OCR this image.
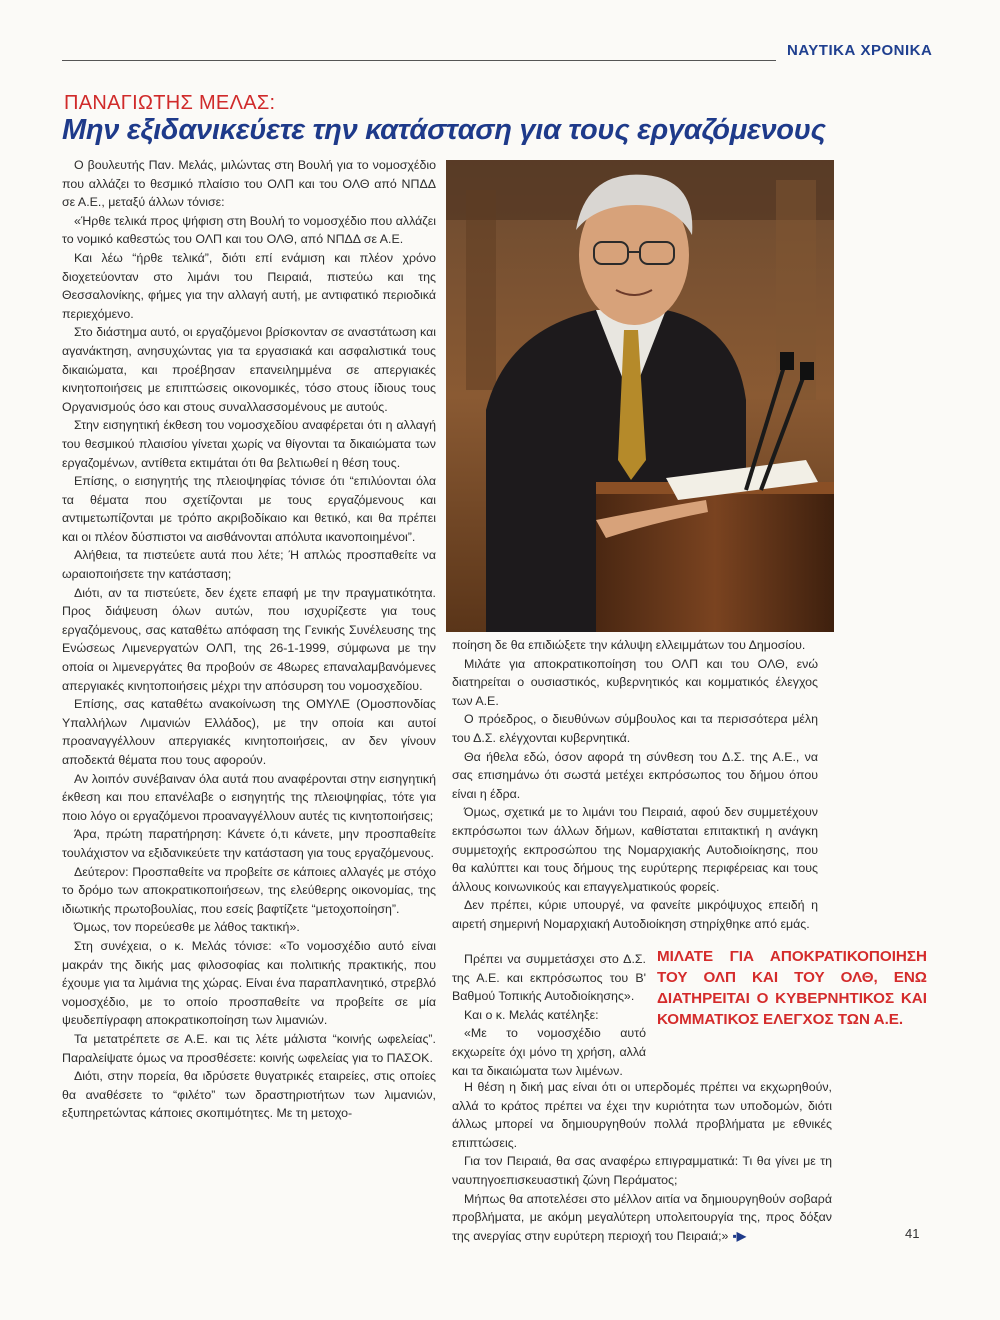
ΝΑΥΤΙΚΑ ΧΡΟΝΙΚΑ
ΠΑΝΑΓΙΩΤΗΣ ΜΕΛΑΣ:
Μην εξιδανικεύετε την κατάσταση για τους εργαζόμενους

Ο βουλευτής Παν. Μελάς, μιλώντας στη Βουλή για το νομοσχέδιο που αλλάζει το θεσμικό πλαίσιο του ΟΛΠ και του ΟΛΘ από ΝΠΔΔ σε Α.Ε., μεταξύ άλλων τόνισε:

«Ήρθε τελικά προς ψήφιση στη Βουλή το νομοσχέδιο που αλλάζει το νομικό καθεστώς του ΟΛΠ και του ΟΛΘ, από ΝΠΔΔ σε Α.Ε.

Και λέω “ήρθε τελικά”, διότι επί ενάμιση και πλέον χρόνο διοχετεύονταν στο λιμάνι του Πειραιά, πιστεύω και της Θεσσαλονίκης, φήμες για την αλλαγή αυτή, με αντιφατικό περιοδικά περιεχόμενο.

Στο διάστημα αυτό, οι εργαζόμενοι βρίσκονταν σε αναστάτωση και αγανάκτηση, ανησυχώντας για τα εργασιακά και ασφαλιστικά τους δικαιώματα, και προέβησαν επανειλημμένα σε απεργιακές κινητοποιήσεις με επιπτώσεις οικονομικές, τόσο στους ίδιους τους Οργανισμούς όσο και στους συναλλασσομένους με αυτούς.

Στην εισηγητική έκθεση του νομοσχεδίου αναφέρεται ότι η αλλαγή του θεσμικού πλαισίου γίνεται χωρίς να θίγονται τα δικαιώματα των εργαζομένων, αντίθετα εκτιμάται ότι θα βελτιωθεί η θέση τους.

Επίσης, ο εισηγητής της πλειοψηφίας τόνισε ότι “επιλύονται όλα τα θέματα που σχετίζονται με τους εργαζόμενους και αντιμετωπίζονται με τρόπο ακριβοδίκαιο και θετικό, και θα πρέπει και οι πλέον δύσπιστοι να αισθάνονται απόλυτα ικανοποιημένοι”.

Αλήθεια, τα πιστεύετε αυτά που λέτε; Ή απλώς προσπαθείτε να ωραιοποιήσετε την κατάσταση;

Διότι, αν τα πιστεύετε, δεν έχετε επαφή με την πραγματικότητα. Προς διάψευση όλων αυτών, που ισχυρίζεστε για τους εργαζόμενους, σας καταθέτω απόφαση της Γενικής Συνέλευσης της Ενώσεως Λιμενεργατών ΟΛΠ, της 26-1-1999, σύμφωνα με την οποία οι λιμενεργάτες θα προβούν σε 48ωρες επαναλαμβανόμενες απεργιακές κινητοποιήσεις μέχρι την απόσυρση του νομοσχεδίου.

Επίσης, σας καταθέτω ανακοίνωση της ΟΜΥΛΕ (Ομοσπονδίας Υπαλλήλων Λιμανιών Ελλάδος), με την οποία και αυτοί προαναγγέλλουν απεργιακές κινητοποιήσεις, αν δεν γίνουν αποδεκτά θέματα που τους αφορούν.

Αν λοιπόν συνέβαιναν όλα αυτά που αναφέρονται στην εισηγητική έκθεση και που επανέλαβε ο εισηγητής της πλειοψηφίας, τότε για ποιο λόγο οι εργαζόμενοι προαναγγέλλουν αυτές τις κινητοποιήσεις;

Άρα, πρώτη παρατήρηση: Κάνετε ό,τι κάνετε, μην προσπαθείτε τουλάχιστον να εξιδανικεύετε την κατάσταση για τους εργαζόμενους.

Δεύτερον: Προσπαθείτε να προβείτε σε κάποιες αλλαγές με στόχο το δρόμο των αποκρατικοποιήσεων, της ελεύθερης οικονομίας, της ιδιωτικής πρωτοβουλίας, που εσείς βαφτίζετε “μετοχοποίηση”.

Όμως, τον πορεύεσθε με λάθος τακτική».

Στη συνέχεια, ο κ. Μελάς τόνισε: «Το νομοσχέδιο αυτό είναι μακράν της δικής μας φιλοσοφίας και πολιτικής πρακτικής, που έχουμε για τα λιμάνια της χώρας. Είναι ένα παραπλανητικό, στρεβλό νομοσχέδιο, με το οποίο προσπαθείτε να προβείτε σε μία ψευδεπίγραφη αποκρατικοποίηση των λιμανιών.

Τα μετατρέπετε σε Α.Ε. και τις λέτε μάλιστα “κοινής ωφελείας”. Παραλείψατε όμως να προσθέσετε: κοινής ωφελείας για το ΠΑΣΟΚ.

Διότι, στην πορεία, θα ιδρύσετε θυγατρικές εταιρείες, στις οποίες θα αναθέσετε το “φιλέτο” των δραστηριοτήτων των λιμανιών, εξυπηρετώντας κάποιες σκοπιμότητες. Με τη μετοχο-

ποίηση δε θα επιδιώξετε την κάλυψη ελλειμμάτων του Δημοσίου.

Μιλάτε για αποκρατικοποίηση του ΟΛΠ και του ΟΛΘ, ενώ διατηρείται ο ουσιαστικός, κυβερνητικός και κομματικός έλεγχος των Α.Ε.

Ο πρόεδρος, ο διευθύνων σύμβουλος και τα περισσότερα μέλη του Δ.Σ. ελέγχονται κυβερνητικά.

Θα ήθελα εδώ, όσον αφορά τη σύνθεση του Δ.Σ. της Α.Ε., να σας επισημάνω ότι σωστά μετέχει εκπρόσωπος του δήμου όπου είναι η έδρα.

Όμως, σχετικά με το λιμάνι του Πειραιά, αφού δεν συμμετέχουν εκπρόσωποι των άλλων δήμων, καθίσταται επιτακτική η ανάγκη συμμετοχής εκπροσώπου της Νομαρχιακής Αυτοδιοίκησης, που θα καλύπτει και τους δήμους της ευρύτερης περιφέρειας και τους άλλους κοινωνικούς και επαγγελματικούς φορείς.

Δεν πρέπει, κύριε υπουργέ, να φανείτε μικρόψυχος επειδή η αιρετή σημερινή Νομαρχιακή Αυτοδιοίκηση στηρίχθηκε από εμάς.

Πρέπει να συμμετάσχει στο Δ.Σ. της Α.Ε. και εκπρόσωπος του Β' Βαθμού Τοπικής Αυτοδιοίκησης».

Και ο κ. Μελάς κατέληξε:

«Με το νομοσχέδιο αυτό εκχωρείτε όχι μόνο τη χρήση, αλλά και τα δικαιώματα των λιμένων.

ΜΙΛΑΤΕ ΓΙΑ ΑΠΟΚΡΑΤΙΚΟΠΟΙΗΣΗ ΤΟΥ ΟΛΠ ΚΑΙ ΤΟΥ ΟΛΘ, ΕΝΩ ΔΙΑΤΗΡΕΙΤΑΙ Ο ΚΥΒΕΡΝΗΤΙΚΟΣ ΚΑΙ ΚΟΜΜΑΤΙΚΟΣ ΕΛΕΓΧΟΣ ΤΩΝ Α.Ε.

Η θέση η δική μας είναι ότι οι υπερδομές πρέπει να εκχωρηθούν, αλλά το κράτος πρέπει να έχει την κυριότητα των υποδομών, διότι άλλως μπορεί να δημιουργηθούν πολλά προβλήματα με εθνικές επιπτώσεις.

Για τον Πειραιά, θα σας αναφέρω επιγραμματικά: Τι θα γίνει με τη ναυπηγοεπισκευαστική ζώνη Περάματος;

Μήπως θα αποτελέσει στο μέλλον αιτία να δημιουργηθούν σοβαρά προβλήματα, με ακόμη μεγαλύτερη υπολειτουργία της, προς δόξαν της ανεργίας στην ευρύτερη περιοχή του Πειραιά;» ▪▶	41
